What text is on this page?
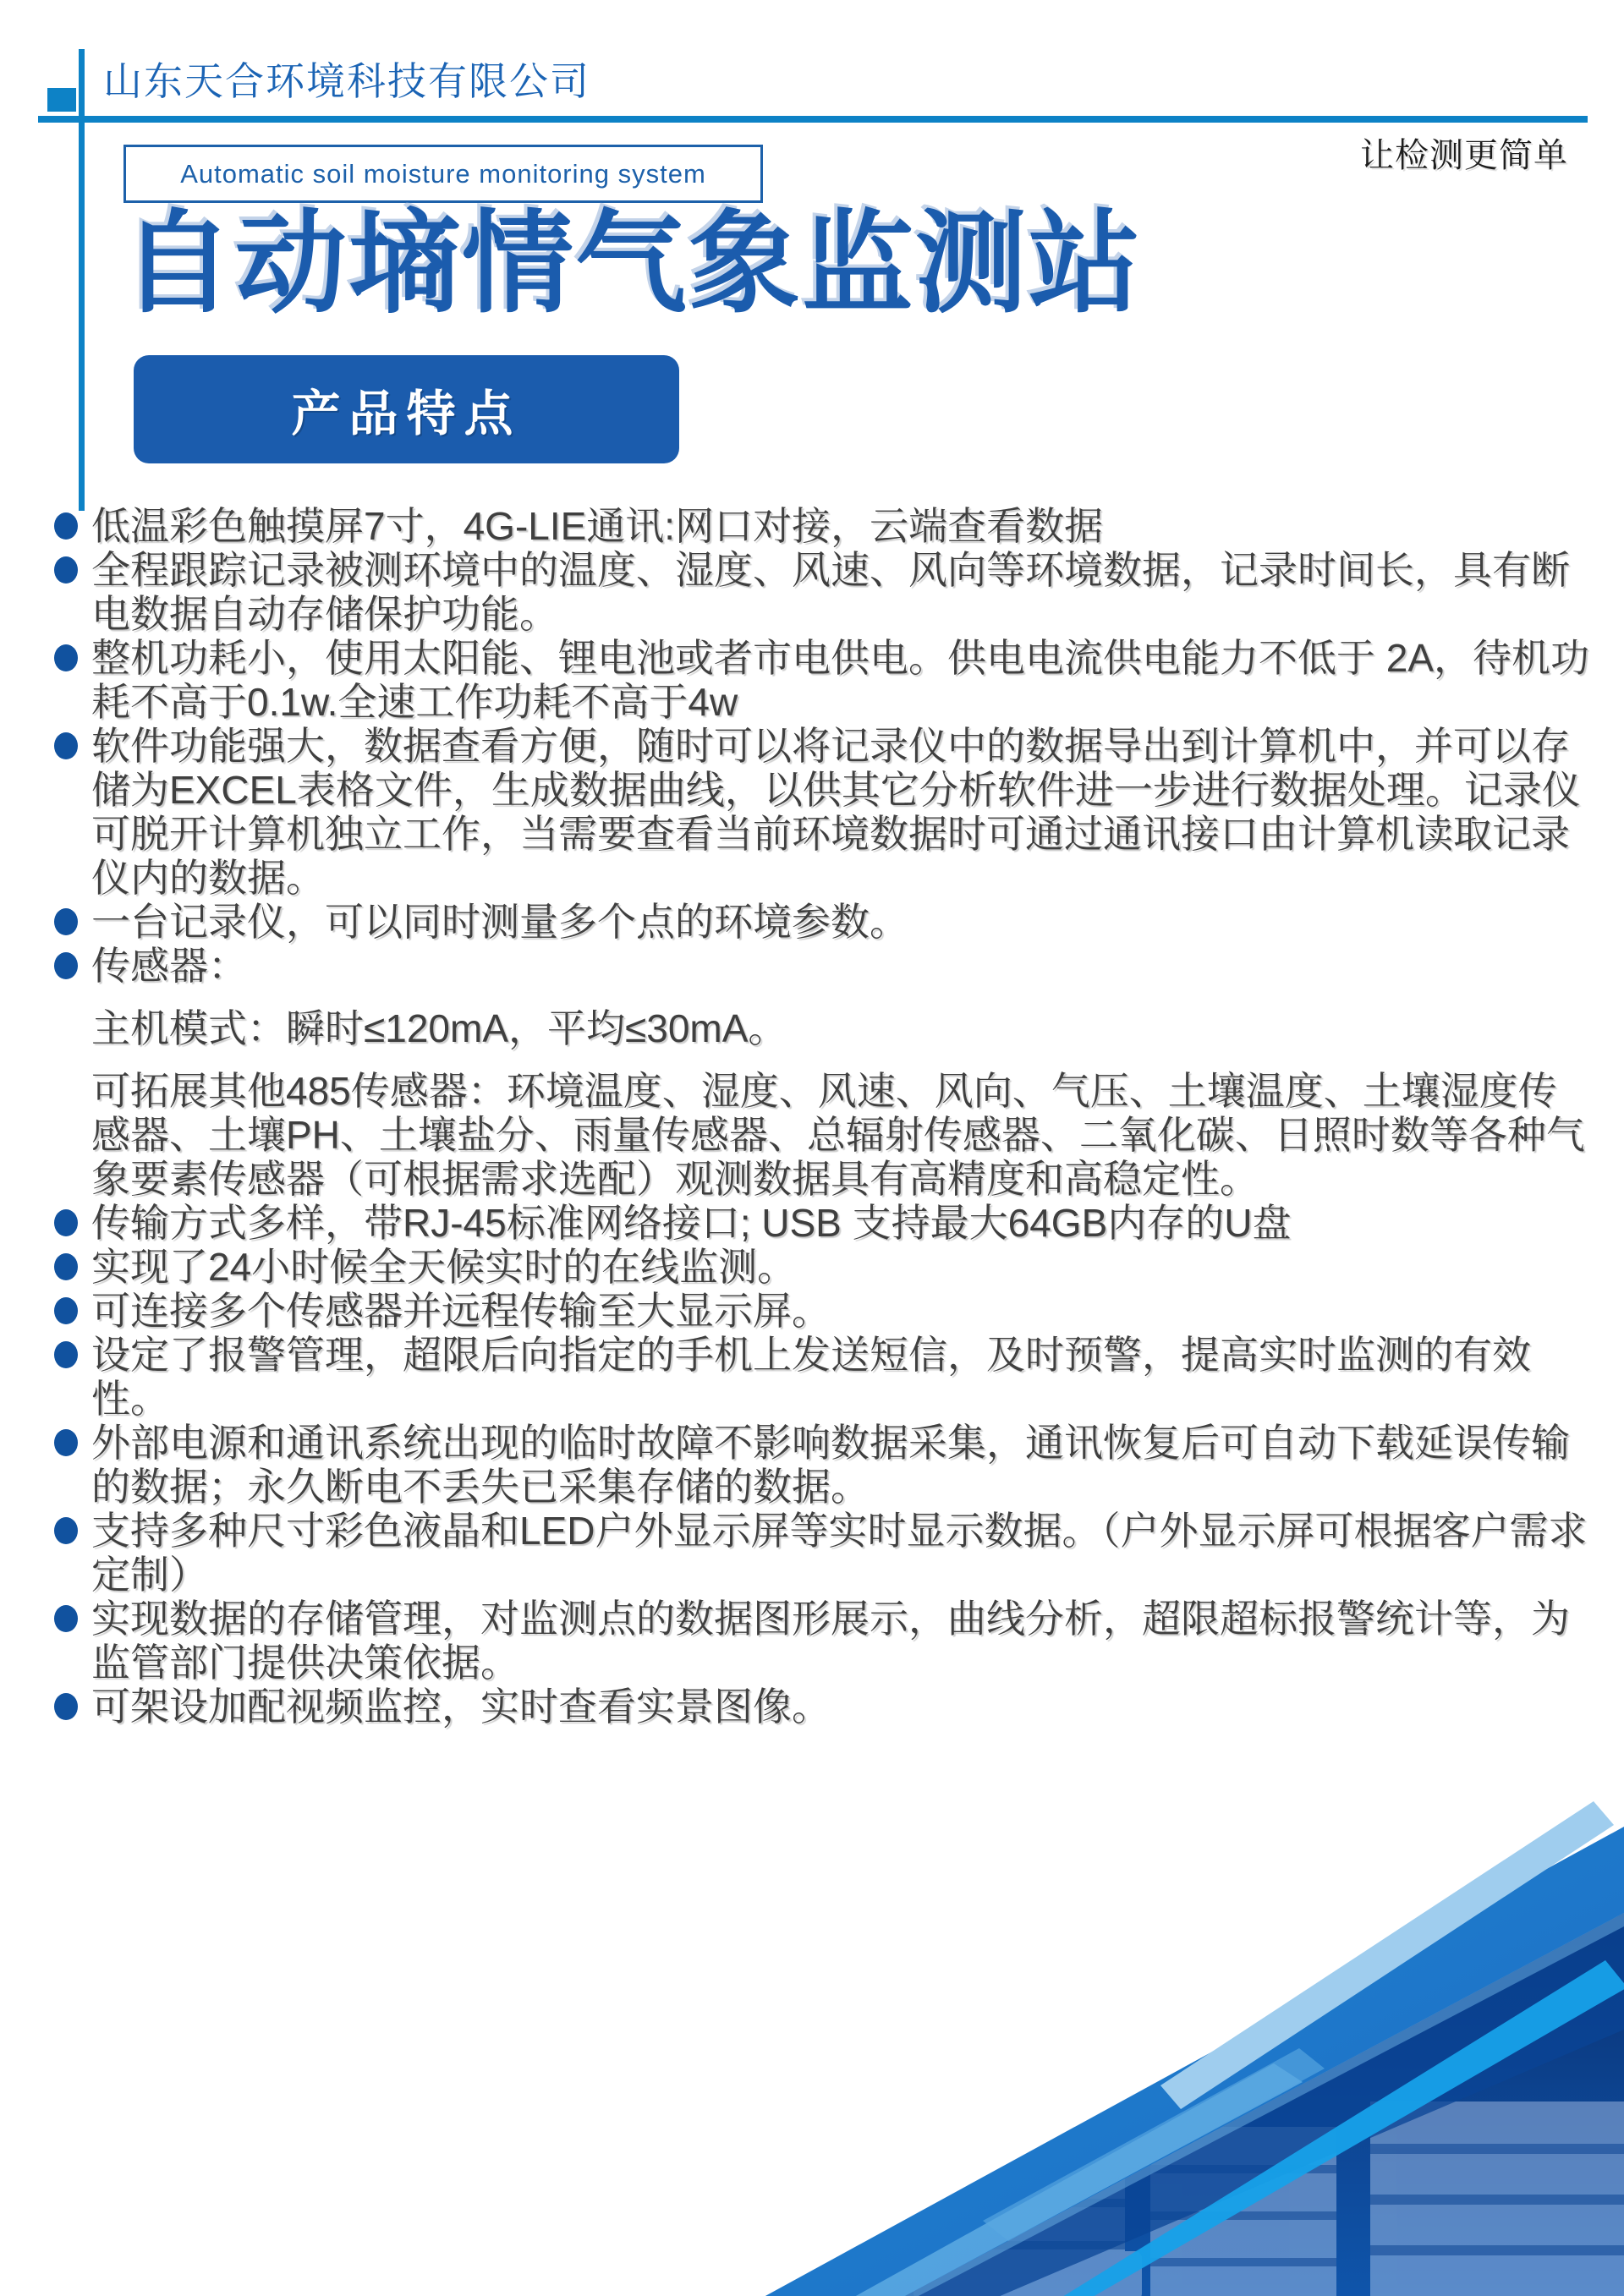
山东天合环境科技有限公司
让检测更简单
Automatic soil moisture monitoring system
自动墒情气象监测站
产品特点
低温彩色触摸屏7寸，4G-LIE通讯:网口对接，云端查看数据
全程跟踪记录被测环境中的温度、湿度、风速、风向等环境数据，记录时间长，具有断电数据自动存储保护功能。
整机功耗小，使用太阳能、锂电池或者市电供电。供电电流供电能力不低于 2A，待机功耗不高于0.1w.全速工作功耗不高于4w
软件功能强大，数据查看方便，随时可以将记录仪中的数据导出到计算机中，并可以存储为EXCEL表格文件，生成数据曲线，以供其它分析软件进一步进行数据处理。记录仪可脱开计算机独立工作，当需要查看当前环境数据时可通过通讯接口由计算机读取记录仪内的数据。
一台记录仪，可以同时测量多个点的环境参数。
传感器：
主机模式：瞬时≤120mA，平均≤30mA。
可拓展其他485传感器：环境温度、湿度、风速、风向、气压、土壤温度、土壤湿度传感器、土壤PH、土壤盐分、雨量传感器、总辐射传感器、二氧化碳、日照时数等各种气象要素传感器（可根据需求选配）观测数据具有高精度和高稳定性。
传输方式多样，带RJ-45标准网络接口; USB 支持最大64GB内存的U盘
实现了24小时候全天候实时的在线监测。
可连接多个传感器并远程传输至大显示屏。
设定了报警管理，超限后向指定的手机上发送短信，及时预警，提高实时监测的有效性。
外部电源和通讯系统出现的临时故障不影响数据采集，通讯恢复后可自动下载延误传输的数据；永久断电不丢失已采集存储的数据。
支持多种尺寸彩色液晶和LED户外显示屏等实时显示数据。（户外显示屏可根据客户需求定制）
实现数据的存储管理，对监测点的数据图形展示，曲线分析，超限超标报警统计等，为监管部门提供决策依据。
可架设加配视频监控，实时查看实景图像。
